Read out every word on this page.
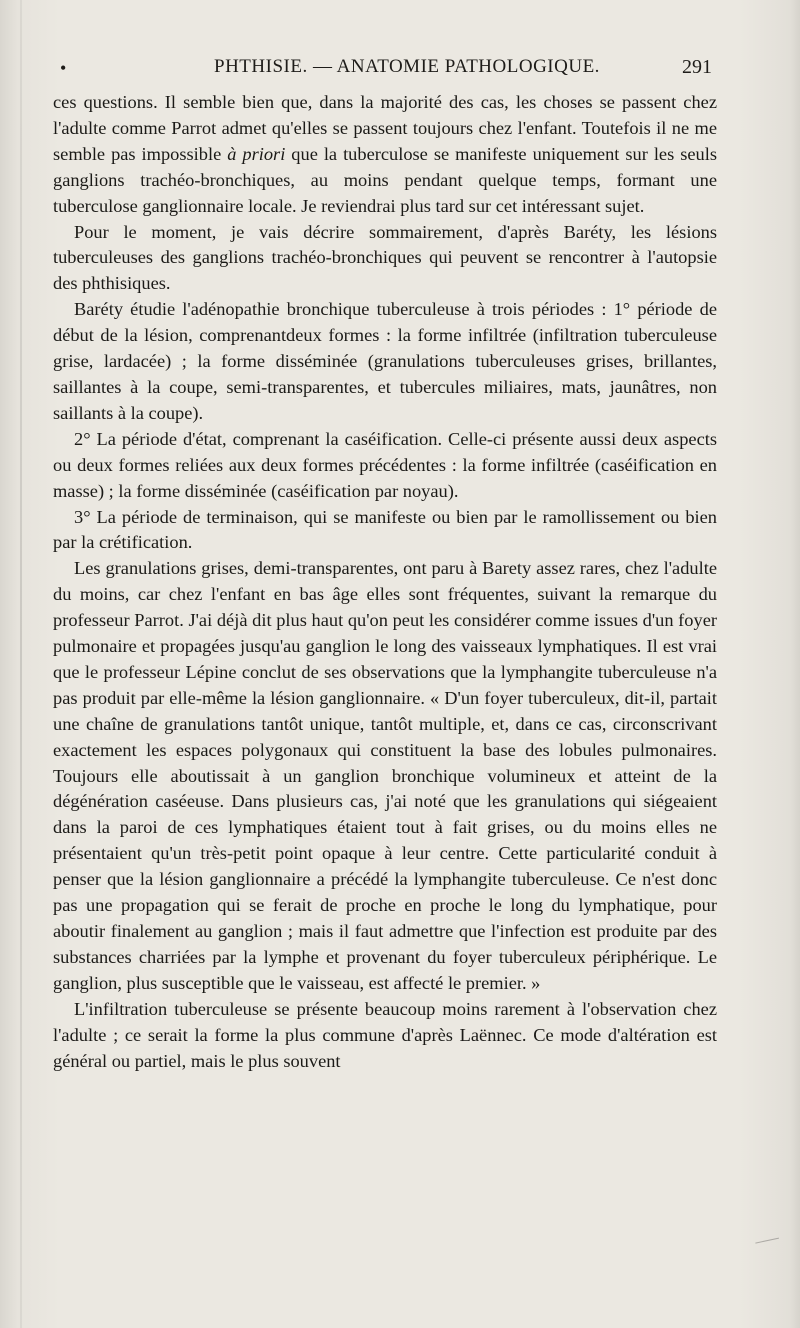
•	PHTHISIE. — ANATOMIE PATHOLOGIQUE.	291

ces questions. Il semble bien que, dans la majorité des cas, les choses se passent chez l'adulte comme Parrot admet qu'elles se passent toujours chez l'enfant. Toutefois il ne me semble pas impossible à priori que la tuberculose se manifeste uniquement sur les seuls ganglions trachéo-bronchiques, au moins pendant quelque temps, formant une tuberculose ganglionnaire locale. Je reviendrai plus tard sur cet intéressant sujet.

Pour le moment, je vais décrire sommairement, d'après Baréty, les lésions tuberculeuses des ganglions trachéo-bronchiques qui peuvent se rencontrer à l'autopsie des phthisiques.

Baréty étudie l'adénopathie bronchique tuberculeuse à trois périodes : 1° période de début de la lésion, comprenantdeux formes : la forme infiltrée (infiltration tuberculeuse grise, lardacée) ; la forme disséminée (granulations tuberculeuses grises, brillantes, saillantes à la coupe, semi-transparentes, et tubercules miliaires, mats, jaunâtres, non saillants à la coupe).

2° La période d'état, comprenant la caséification. Celle-ci présente aussi deux aspects ou deux formes reliées aux deux formes précédentes : la forme infiltrée (caséification en masse) ; la forme disséminée (caséification par noyau).

3° La période de terminaison, qui se manifeste ou bien par le ramollissement ou bien par la crétification.

Les granulations grises, demi-transparentes, ont paru à Barety assez rares, chez l'adulte du moins, car chez l'enfant en bas âge elles sont fréquentes, suivant la remarque du professeur Parrot. J'ai déjà dit plus haut qu'on peut les considérer comme issues d'un foyer pulmonaire et propagées jusqu'au ganglion le long des vaisseaux lymphatiques. Il est vrai que le professeur Lépine conclut de ses observations que la lymphangite tuberculeuse n'a pas produit par elle-même la lésion ganglionnaire. « D'un foyer tuberculeux, dit-il, partait une chaîne de granulations tantôt unique, tantôt multiple, et, dans ce cas, circonscrivant exactement les espaces polygonaux qui constituent la base des lobules pulmonaires. Toujours elle aboutissait à un ganglion bronchique volumineux et atteint de la dégénération caséeuse. Dans plusieurs cas, j'ai noté que les granulations qui siégeaient dans la paroi de ces lymphatiques étaient tout à fait grises, ou du moins elles ne présentaient qu'un très-petit point opaque à leur centre. Cette particularité conduit à penser que la lésion ganglionnaire a précédé la lymphangite tuberculeuse. Ce n'est donc pas une propagation qui se ferait de proche en proche le long du lymphatique, pour aboutir finalement au ganglion ; mais il faut admettre que l'infection est produite par des substances charriées par la lymphe et provenant du foyer tuberculeux périphérique. Le ganglion, plus susceptible que le vaisseau, est affecté le premier. »

L'infiltration tuberculeuse se présente beaucoup moins rarement à l'observation chez l'adulte ; ce serait la forme la plus commune d'après Laënnec. Ce mode d'altération est général ou partiel, mais le plus souvent
